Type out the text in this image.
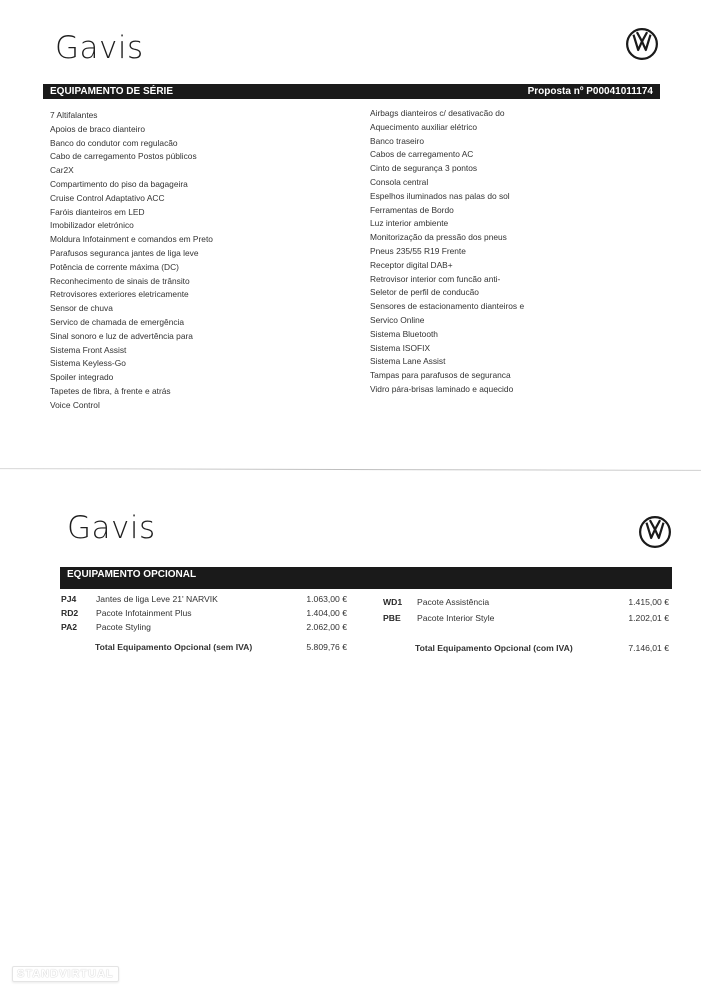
Gavis
EQUIPAMENTO DE SÉRIE	Proposta nº P00041011174
7 Altifalantes
Apoios de braco dianteiro
Banco do condutor com regulacão
Cabo de carregamento Postos públicos
Car2X
Compartimento do piso da bagageira
Cruise Control Adaptativo ACC
Faróis dianteiros em LED
Imobilizador eletrónico
Moldura Infotainment e comandos em Preto
Parafusos seguranca jantes de liga leve
Potência de corrente máxima (DC)
Reconhecimento de sinais de trânsito
Retrovisores exteriores eletricamente
Sensor de chuva
Servico de chamada de emergência
Sinal sonoro e luz de advertência para
Sistema Front Assist
Sistema Keyless-Go
Spoiler integrado
Tapetes de fibra, à frente e atrás
Voice Control
Airbags dianteiros c/ desativacão do
Aquecimento auxiliar elétrico
Banco traseiro
Cabos de carregamento AC
Cinto de segurança 3 pontos
Consola central
Espelhos iluminados nas palas do sol
Ferramentas de Bordo
Luz interior ambiente
Monitorização da pressão dos pneus
Pneus 235/55 R19 Frente
Receptor digital DAB+
Retrovisor interior com funcão anti-
Seletor de perfil de conducão
Sensores de estacionamento dianteiros e
Servico Online
Sistema Bluetooth
Sistema ISOFIX
Sistema Lane Assist
Tampas para parafusos de seguranca
Vidro pára-brisas laminado e aquecido
Gavis
EQUIPAMENTO OPCIONAL
PJ4 Jantes de liga Leve 21' NARVIK	1.063,00 €
RD2 Pacote Infotainment Plus	1.404,00 €
PA2 Pacote Styling	2.062,00 €
Total Equipamento Opcional (sem IVA)	5.809,76 €
WD1 Pacote Assistência	1.415,00 €
PBE Pacote Interior Style	1.202,01 €
Total Equipamento Opcional (com IVA)	7.146,01 €
STANDVIRTUAL
